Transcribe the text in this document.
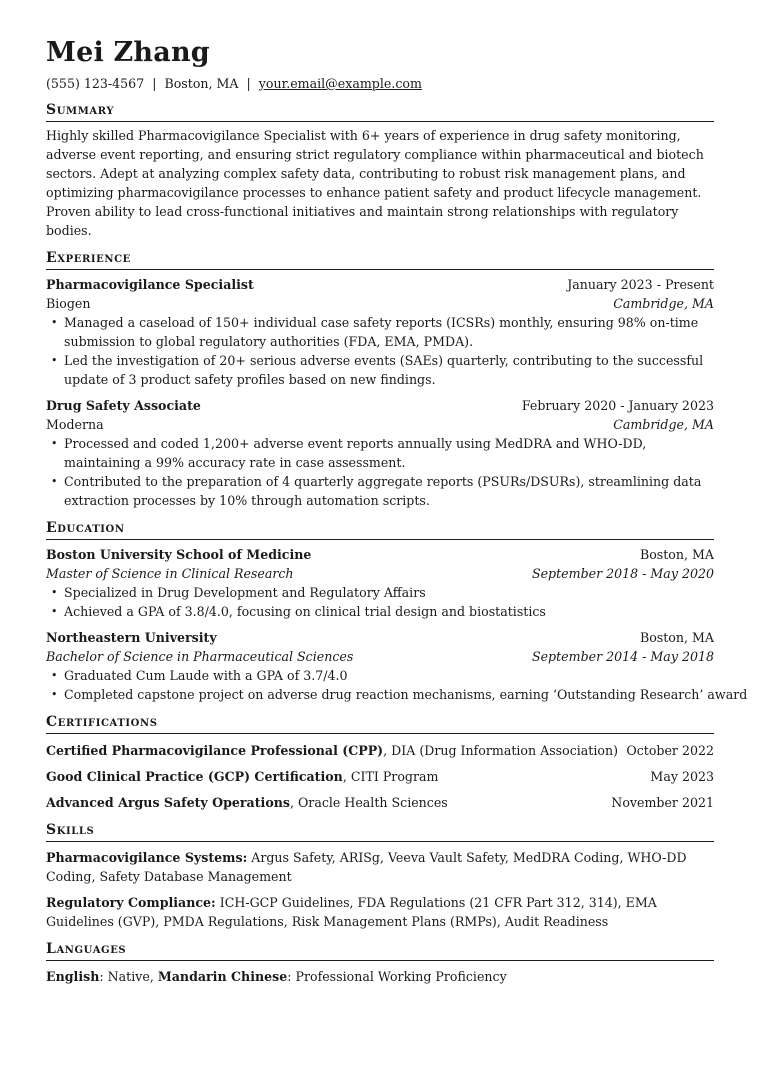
Mei Zhang
(555) 123-4567 | Boston, MA | your.email@example.com
Summary

Highly skilled Pharmacovigilance Specialist with 6+ years of experience in drug safety monitoring, adverse event reporting, and ensuring strict regulatory compliance within pharmaceutical and biotech sectors. Adept at analyzing complex safety data, contributing to robust risk management plans, and optimizing pharmacovigilance processes to enhance patient safety and product lifecycle management. Proven ability to lead cross-functional initiatives and maintain strong relationships with regulatory bodies.

Experience
Pharmacovigilance Specialist	January 2023 - Present
Biogen	Cambridge, MA
• Managed a caseload of 150+ individual case safety reports (ICSRs) monthly, ensuring 98% on-time submission to global regulatory authorities (FDA, EMA, PMDA).
• Led the investigation of 20+ serious adverse events (SAEs) quarterly, contributing to the successful update of 3 product safety profiles based on new findings.
Drug Safety Associate	February 2020 - January 2023
Moderna	Cambridge, MA
• Processed and coded 1,200+ adverse event reports annually using MedDRA and WHO-DD, maintaining a 99% accuracy rate in case assessment.
• Contributed to the preparation of 4 quarterly aggregate reports (PSURs/DSURs), streamlining data extraction processes by 10% through automation scripts.
Education
Boston University School of Medicine	Boston, MA
Master of Science in Clinical Research	September 2018 - May 2020
• Specialized in Drug Development and Regulatory Affairs
• Achieved a GPA of 3.8/4.0, focusing on clinical trial design and biostatistics
Northeastern University	Boston, MA
Bachelor of Science in Pharmaceutical Sciences	September 2014 - May 2018
• Graduated Cum Laude with a GPA of 3.7/4.0
• Completed capstone project on adverse drug reaction mechanisms, earning ‘Outstanding Research’ award
Certifications
Certified Pharmacovigilance Professional (CPP), DIA (Drug Information Association) October 2022
Good Clinical Practice (GCP) Certification, CITI Program	May 2023
Advanced Argus Safety Operations, Oracle Health Sciences	November 2021
Skills
Pharmacovigilance Systems: Argus Safety, ARISg, Veeva Vault Safety, MedDRA Coding, WHO-DD Coding, Safety Database Management
Regulatory Compliance: ICH-GCP Guidelines, FDA Regulations (21 CFR Part 312, 314), EMA Guidelines (GVP), PMDA Regulations, Risk Management Plans (RMPs), Audit Readiness
Languages
English: Native, Mandarin Chinese: Professional Working Proficiency
